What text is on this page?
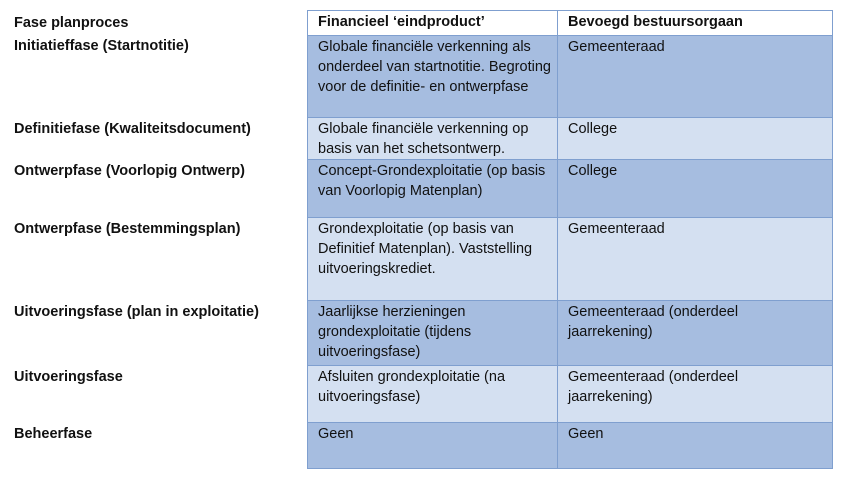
Fase planproces
Initiatieffase (Startnotitie)
Definitiefase (Kwaliteitsdocument)
Ontwerpfase (Voorlopig Ontwerp)
Ontwerpfase (Bestemmingsplan)
Uitvoeringsfase (plan in exploitatie)
Uitvoeringsfase
Beheerfase
Financieel ‘eindproduct’	Bevoegd bestuursorgaan
Globale financiële verkenning als onderdeel van startnotitie. Begroting voor de definitie- en ontwerpfase
Gemeenteraad
Globale financiële verkenning op basis van het schetsontwerp.
College
Concept-Grondexploitatie (op basis van Voorlopig Matenplan)
College
Grondexploitatie (op basis van Definitief Matenplan). Vaststelling uitvoeringskrediet.
Gemeenteraad
Jaarlijkse herzieningen grondexploitatie (tijdens uitvoeringsfase)
Gemeenteraad (onderdeel jaarrekening)
Afsluiten grondexploitatie (na uitvoeringsfase)
Gemeenteraad (onderdeel jaarrekening)
Geen	Geen
